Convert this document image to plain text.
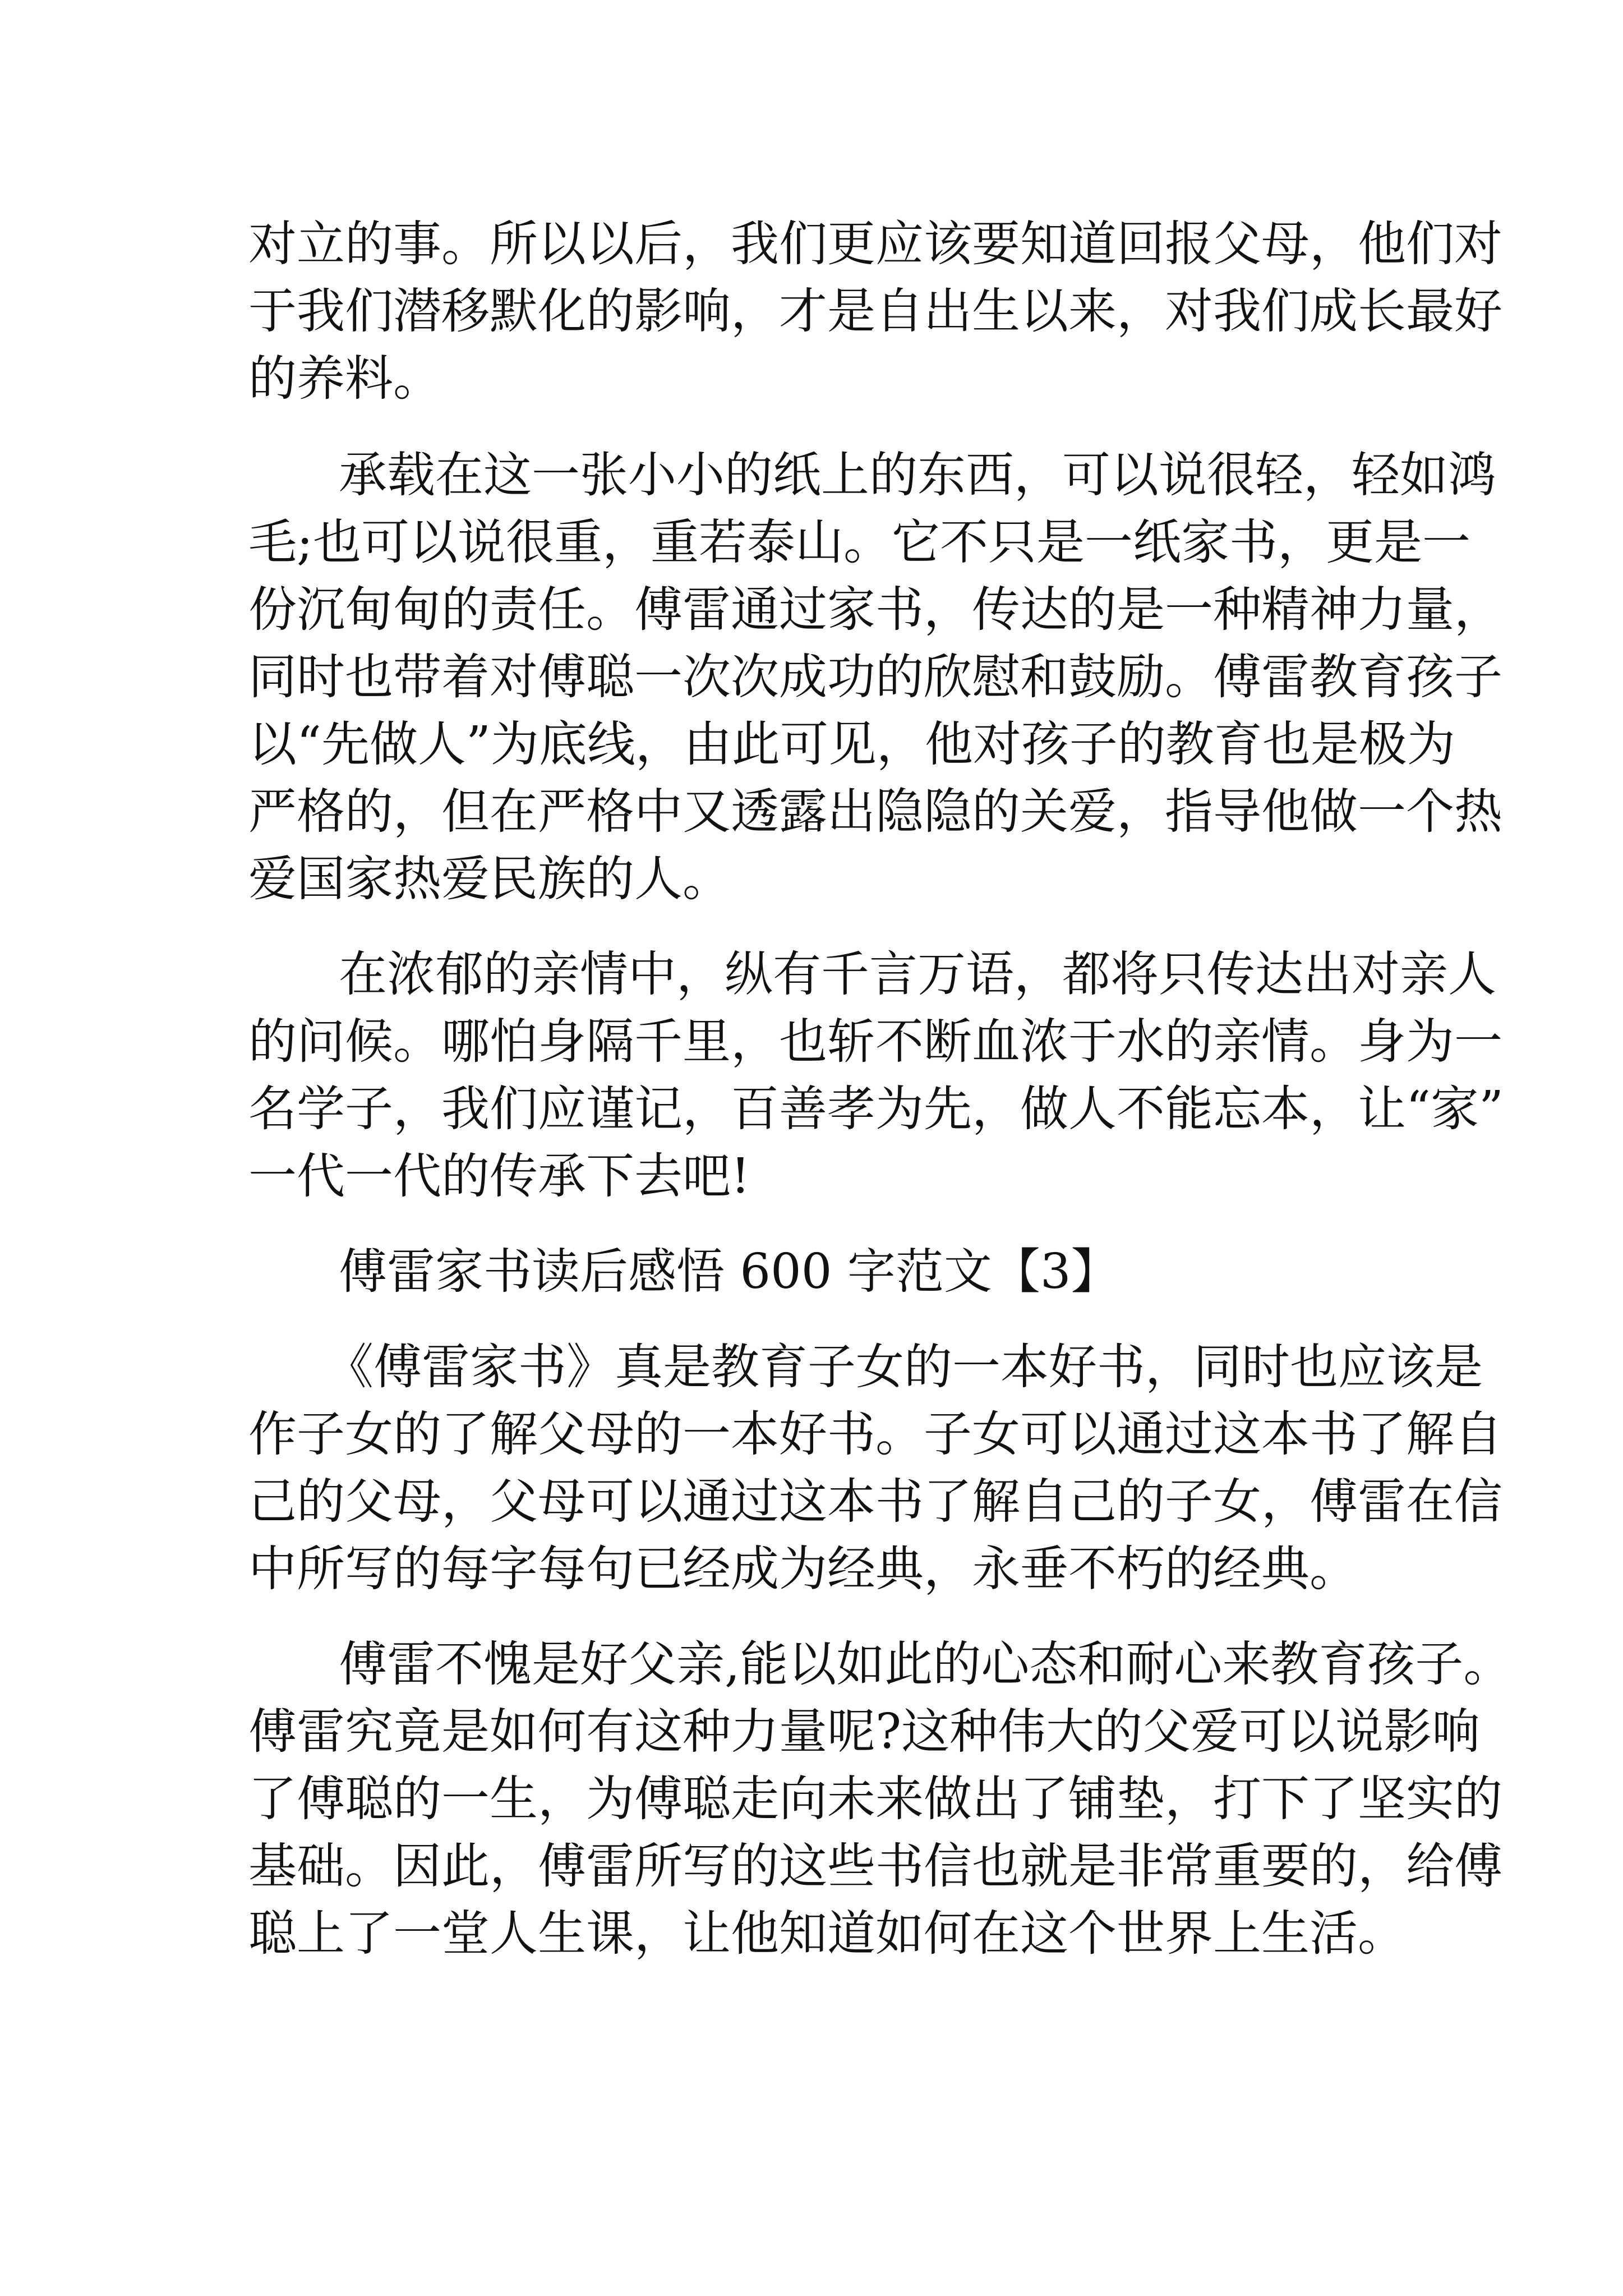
对立的事。所以以后，我们更应该要知道回报父母，他们对
于我们潜移默化的影响，才是自出生以来，对我们成长最好
的养料。
承载在这一张小小的纸上的东西，可以说很轻，轻如鸿
毛;也可以说很重，重若泰山。它不只是一纸家书，更是一
份沉甸甸的责任。傅雷通过家书，传达的是一种精神力量，
同时也带着对傅聪一次次成功的欣慰和鼓励。傅雷教育孩子
以“先做人”为底线，由此可见，他对孩子的教育也是极为
严格的，但在严格中又透露出隐隐的关爱，指导他做一个热
爱国家热爱民族的人。
在浓郁的亲情中，纵有千言万语，都将只传达出对亲人
的问候。哪怕身隔千里，也斩不断血浓于水的亲情。身为一
名学子，我们应谨记，百善孝为先，做人不能忘本，让“家”
一代一代的传承下去吧!
傅雷家书读后感悟 600 字范文【3】
《傅雷家书》真是教育子女的一本好书，同时也应该是
作子女的了解父母的一本好书。子女可以通过这本书了解自
己的父母，父母可以通过这本书了解自己的子女，傅雷在信
中所写的每字每句已经成为经典，永垂不朽的经典。
傅雷不愧是好父亲,能以如此的心态和耐心来教育孩子。
傅雷究竟是如何有这种力量呢?这种伟大的父爱可以说影响
了傅聪的一生，为傅聪走向未来做出了铺垫，打下了坚实的
基础。因此，傅雷所写的这些书信也就是非常重要的，给傅
聪上了一堂人生课，让他知道如何在这个世界上生活。
